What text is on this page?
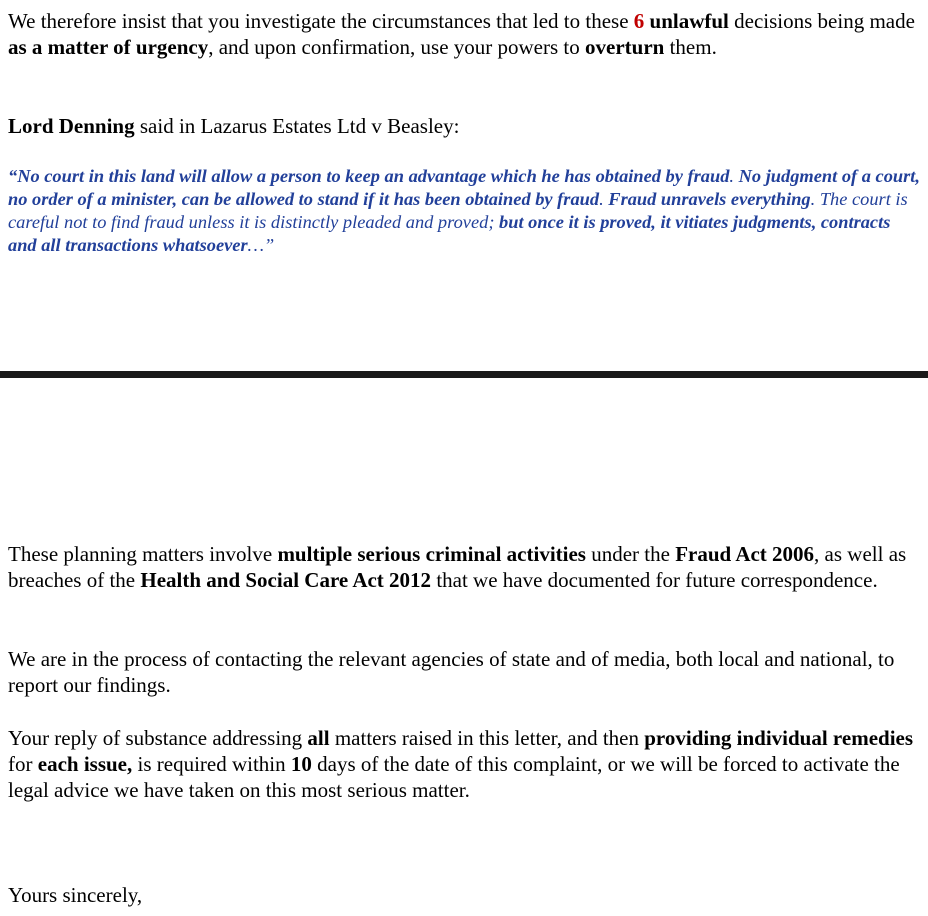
We therefore insist that you investigate the circumstances that led to these 6 unlawful decisions being made as a matter of urgency, and upon confirmation, use your powers to overturn them.

Lord Denning said in Lazarus Estates Ltd v Beasley:

“No court in this land will allow a person to keep an advantage which he has obtained by fraud. No judgment of a court, no order of a minister, can be allowed to stand if it has been obtained by fraud. Fraud unravels everything. The court is careful not to find fraud unless it is distinctly pleaded and proved; but once it is proved, it vitiates judgments, contracts and all transactions whatsoever…”

These planning matters involve multiple serious criminal activities under the Fraud Act 2006, as well as breaches of the Health and Social Care Act 2012 that we have documented for future correspondence.

We are in the process of contacting the relevant agencies of state and of media, both local and national, to report our findings.

Your reply of substance addressing all matters raised in this letter, and then providing individual remedies for each issue, is required within 10 days of the date of this complaint, or we will be forced to activate the legal advice we have taken on this most serious matter.

Yours sincerely,
